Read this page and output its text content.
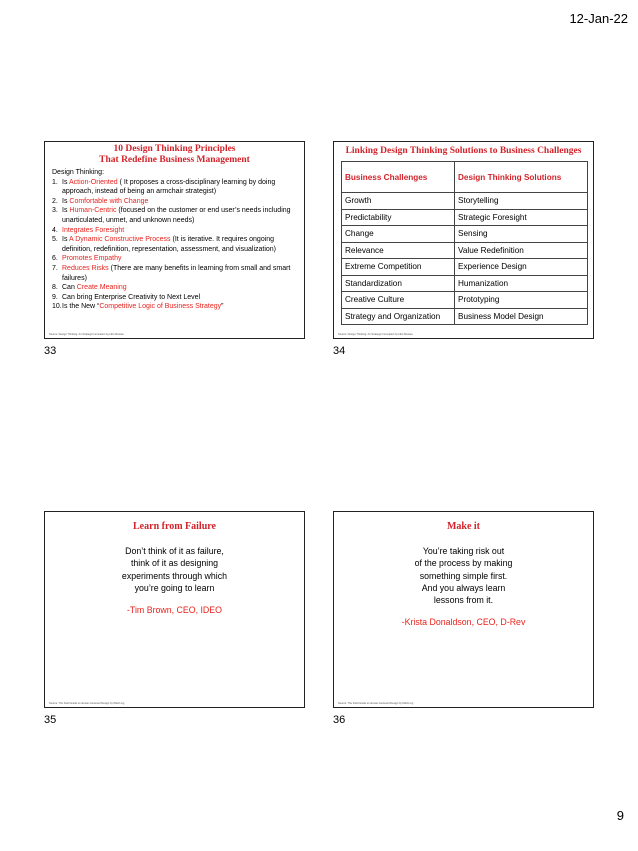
12-Jan-22
10 Design Thinking Principles
That Redefine Business Management
Design Thinking:
1. Is Action-Oriented ( It proposes a cross-disciplinary learning by doing approach, instead of being an armchair strategist)
2. Is Comfortable with Change
3. Is Human-Centric (focused on the customer or end user’s needs including unarticulated, unmet, and unknown needs)
4. Integrates Foresight
5. Is A Dynamic Constructive Process (It is iterative. It requires ongoing definition, redefinition, representation, assessment, and visualization)
6. Promotes Empathy
7. Reduces Risks (There are many benefits in learning from small and smart failures)
8. Can Create Meaning
9. Can bring Enterprise Creativity to Next Level
10. Is the New “Competitive Logic of Business Strategy”
Source: Design Thinking: An Strategic Innovation by Idris Mootee
33
Linking Design Thinking Solutions to Business Challenges
Business Challenges	Design Thinking Solutions
Growth	Storytelling
Predictability	Strategic Foresight
Change	Sensing
Relevance	Value Redefinition
Extreme Competition	Experience Design
Standardization	Humanization
Creative Culture	Prototyping
Strategy and Organization	Business Model Design
Source: Design Thinking: An Strategic Innovation by Idris Mootee
34
Learn from Failure
Don’t think of it as failure,
think of it as designing
experiments through which
you’re going to learn
-Tim Brown, CEO, IDEO
Source: The Field Guide to Human-Centered Design by IDEO.org
35
Make it
You’re taking risk out
of the process by making
something simple first.
And you always learn
lessons from it.
-Krista Donaldson, CEO, D-Rev
Source: The Field Guide to Human-Centered Design by IDEO.org
36
9
